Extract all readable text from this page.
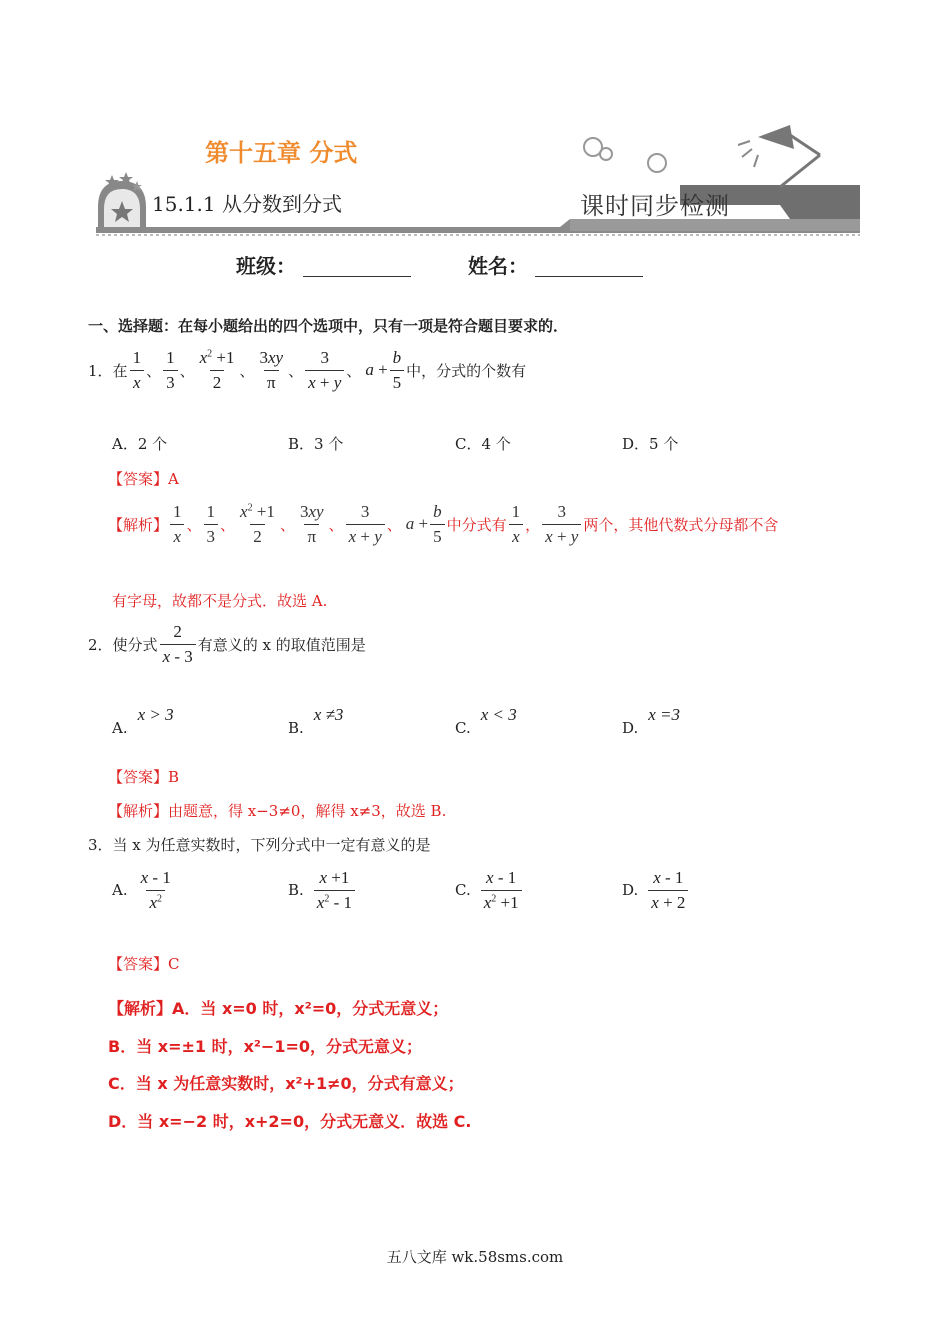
第十五章 分式
15.1.1 从分数到分式	课时同步检测
班级：	姓名：
一、选择题：在每小题给出的四个选项中，只有一项是符合题目要求的．
1． 在 $\frac{1}{x}$ 、 $\frac{1}{3}$ 、 $\frac{x^2 +1}{2}$ 、 $\frac{3xy}{\pi}$ 、 $\frac{3}{x + y}$ 、 $a + \frac{b}{5}$ 中，分式的个数有
A．2 个	B．3 个	C．4 个	D．5 个
【答案】A
【解析】 $\frac{1}{x}$ 、 $\frac{1}{3}$ 、 $\frac{x^2 +1}{2}$ 、 $\frac{3xy}{\pi}$ 、 $\frac{3}{x + y}$ 、 $a + \frac{b}{5}$ 中分式有 $\frac{1}{x}$ ， $\frac{3}{x + y}$ 两个，其他代数式分母都不含
有字母，故都不是分式．故选 A.
2． 使分式 $\frac{2}{x - 3}$ 有意义的 x 的取值范围是
A.
x > 3
B.
x ≠3
C.
x < 3
D.
x =3
【答案】B
【解析】由题意，得 x−3≠0，解得 x≠3，故选 B.
3．当 x 为任意实数时，下列分式中一定有意义的是
A. $\frac{x - 1}{x^2}$	B. $\frac{x +1}{x^2 - 1}$	C. $\frac{x - 1}{x^2 +1}$	D. $\frac{x - 1}{x + 2}$
【答案】C
【解析】A．当 x=0 时，x²=0，分式无意义；
B．当 x=±1 时，x²−1=0，分式无意义；
C．当 x 为任意实数时，x²+1≠0，分式有意义；
D．当 x=−2 时，x+2=0，分式无意义．故选 C.
五八文库 wk.58sms.com
